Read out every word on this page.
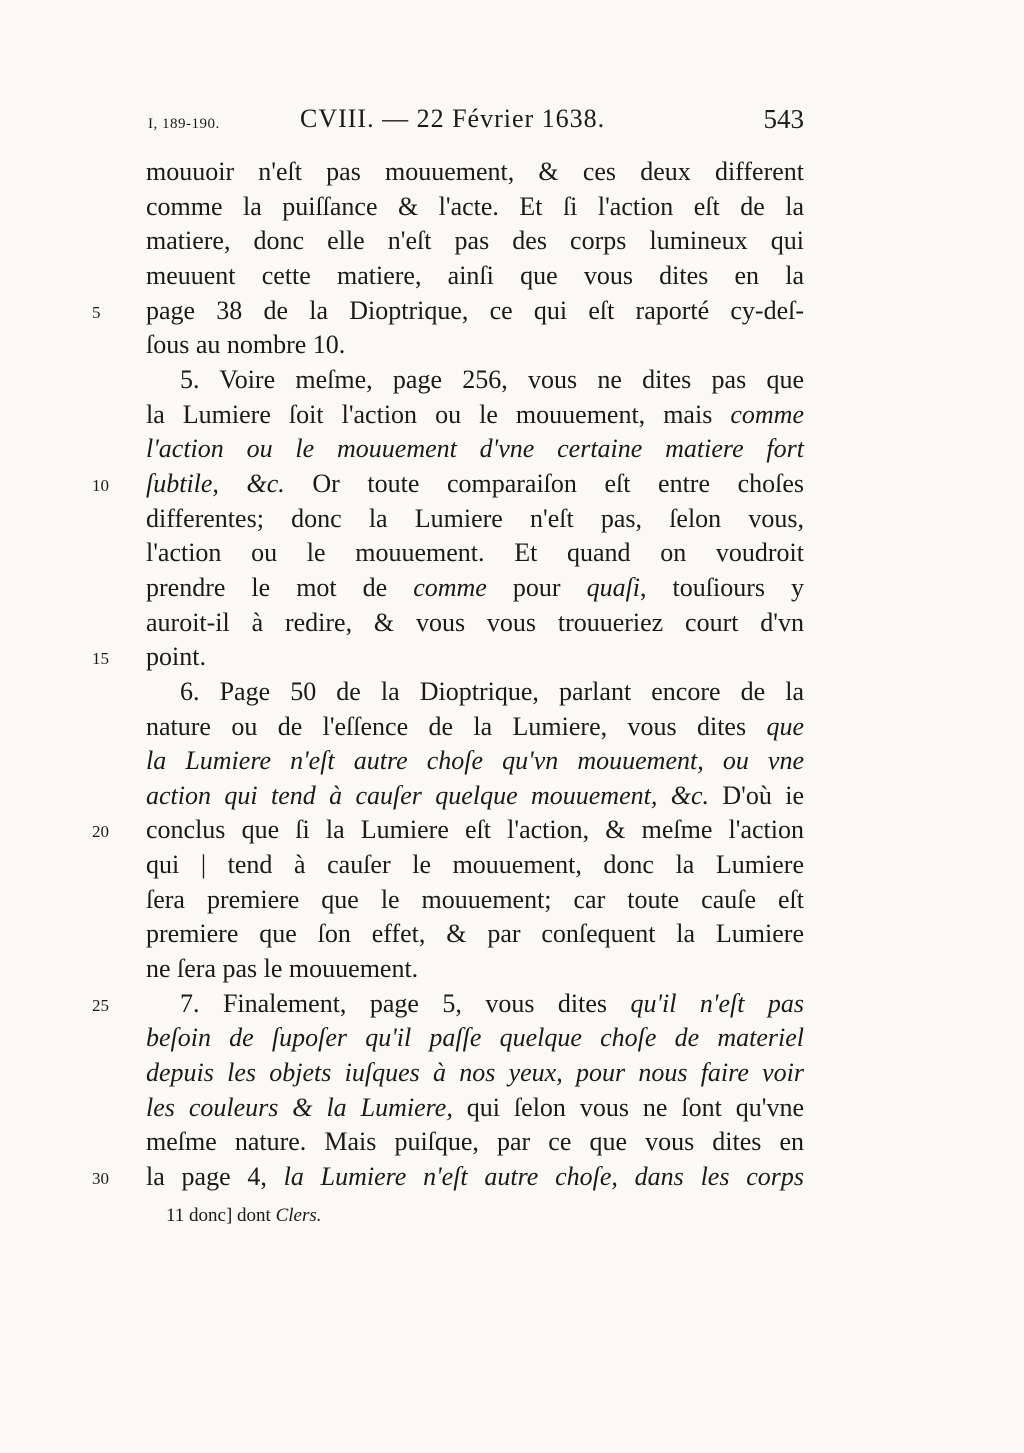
I, 189-190.	CVIII. — 22 Février 1638.	543
mouuoir n'eſt pas mouuement, & ces deux different
comme la puiſſance & l'acte. Et ſi l'action eſt de la
matiere, donc elle n'eſt pas des corps lumineux qui
meuuent cette matiere, ainſi que vous dites en la
5	page 38 de la Dioptrique, ce qui eſt raporté cy-deſ-
ſous au nombre 10.
5. Voire meſme, page 256, vous ne dites pas que
la Lumiere ſoit l'action ou le mouuement, mais comme
l'action ou le mouuement d'vne certaine matiere fort
10	ſubtile, &c. Or toute comparaiſon eſt entre choſes
differentes; donc la Lumiere n'eſt pas, ſelon vous,
l'action ou le mouuement. Et quand on voudroit
prendre le mot de comme pour quaſi, touſiours y
auroit-il à redire, & vous vous trouueriez court d'vn
15	point.
6. Page 50 de la Dioptrique, parlant encore de la
nature ou de l'eſſence de la Lumiere, vous dites que
la Lumiere n'eſt autre choſe qu'vn mouuement, ou vne
action qui tend à cauſer quelque mouuement, &c. D'où ie
20	conclus que ſi la Lumiere eſt l'action, & meſme l'action
qui | tend à cauſer le mouuement, donc la Lumiere
ſera premiere que le mouuement; car toute cauſe eſt
premiere que ſon effet, & par conſequent la Lumiere
ne ſera pas le mouuement.
25	7. Finalement, page 5, vous dites qu'il n'eſt pas
beſoin de ſupoſer qu'il paſſe quelque choſe de materiel
depuis les objets iuſques à nos yeux, pour nous faire voir
les couleurs & la Lumiere, qui ſelon vous ne ſont qu'vne
meſme nature. Mais puiſque, par ce que vous dites en
30	la page 4, la Lumiere n'eſt autre choſe, dans les corps
11 donc] dont Clers.
